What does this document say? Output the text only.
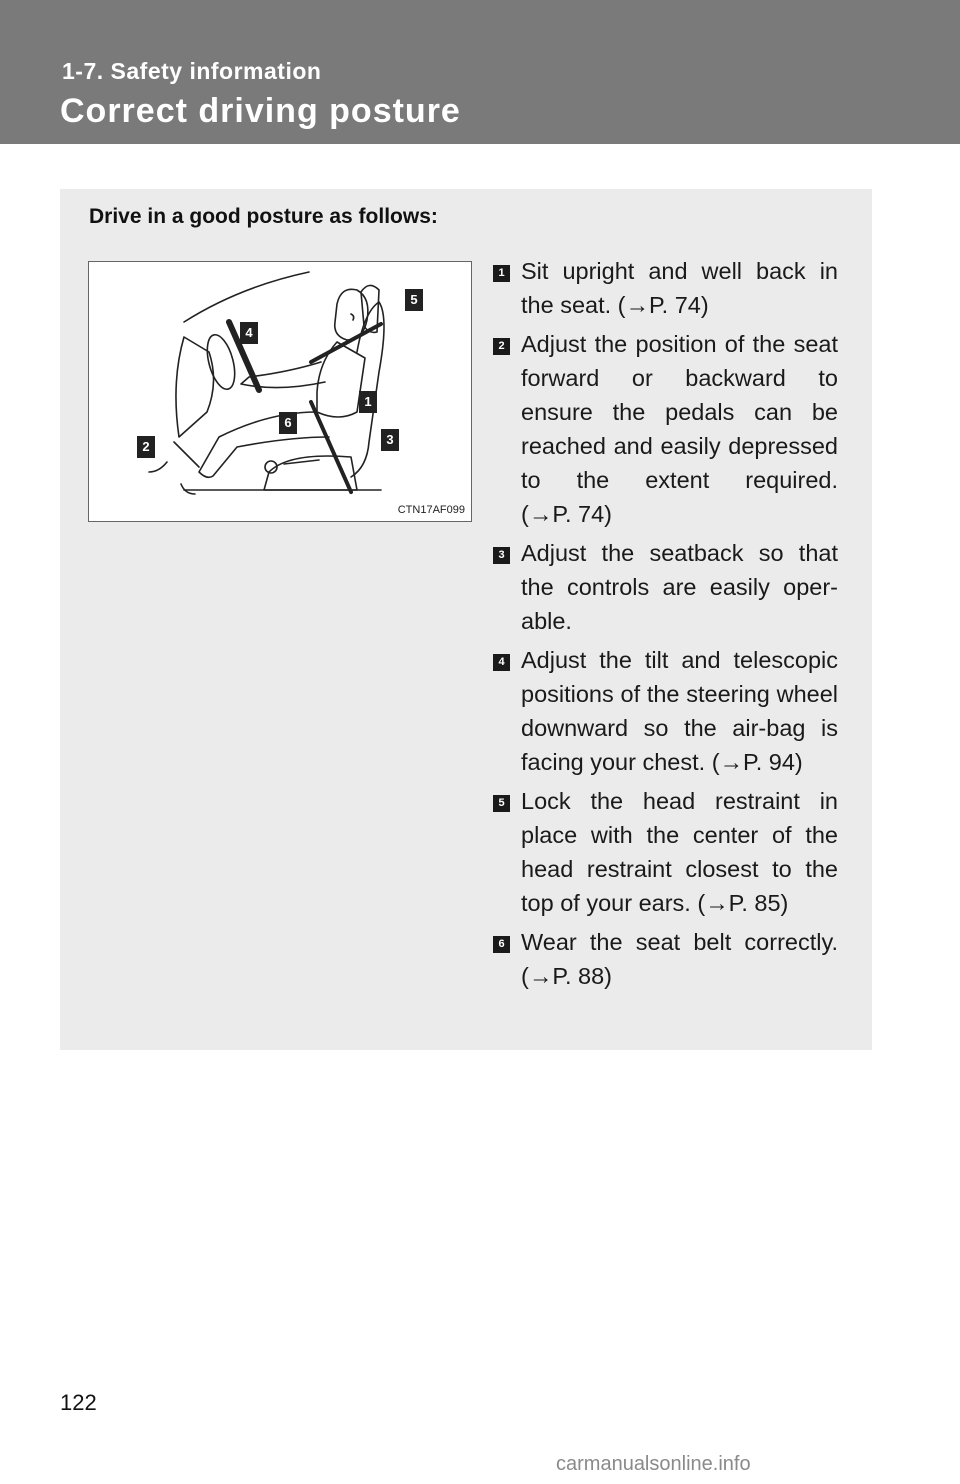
1-7. Safety information
Correct driving posture
Drive in a good posture as follows:
5
4
1
6
3
2
CTN17AF099
1 Sit upright and well back in the seat. (→P. 74)
2 Adjust the position of the seat forward or backward to ensure the pedals can be reached and easily depressed to the extent required. (→P. 74)
3 Adjust the seatback so that the controls are easily oper-able.
4 Adjust the tilt and telescopic positions of the steering wheel downward so the air-bag is facing your chest. (→P. 94)
5 Lock the head restraint in place with the center of the head restraint closest to the top of your ears. (→P. 85)
6 Wear the seat belt correctly. (→P. 88)
122
carmanualsonline.info
